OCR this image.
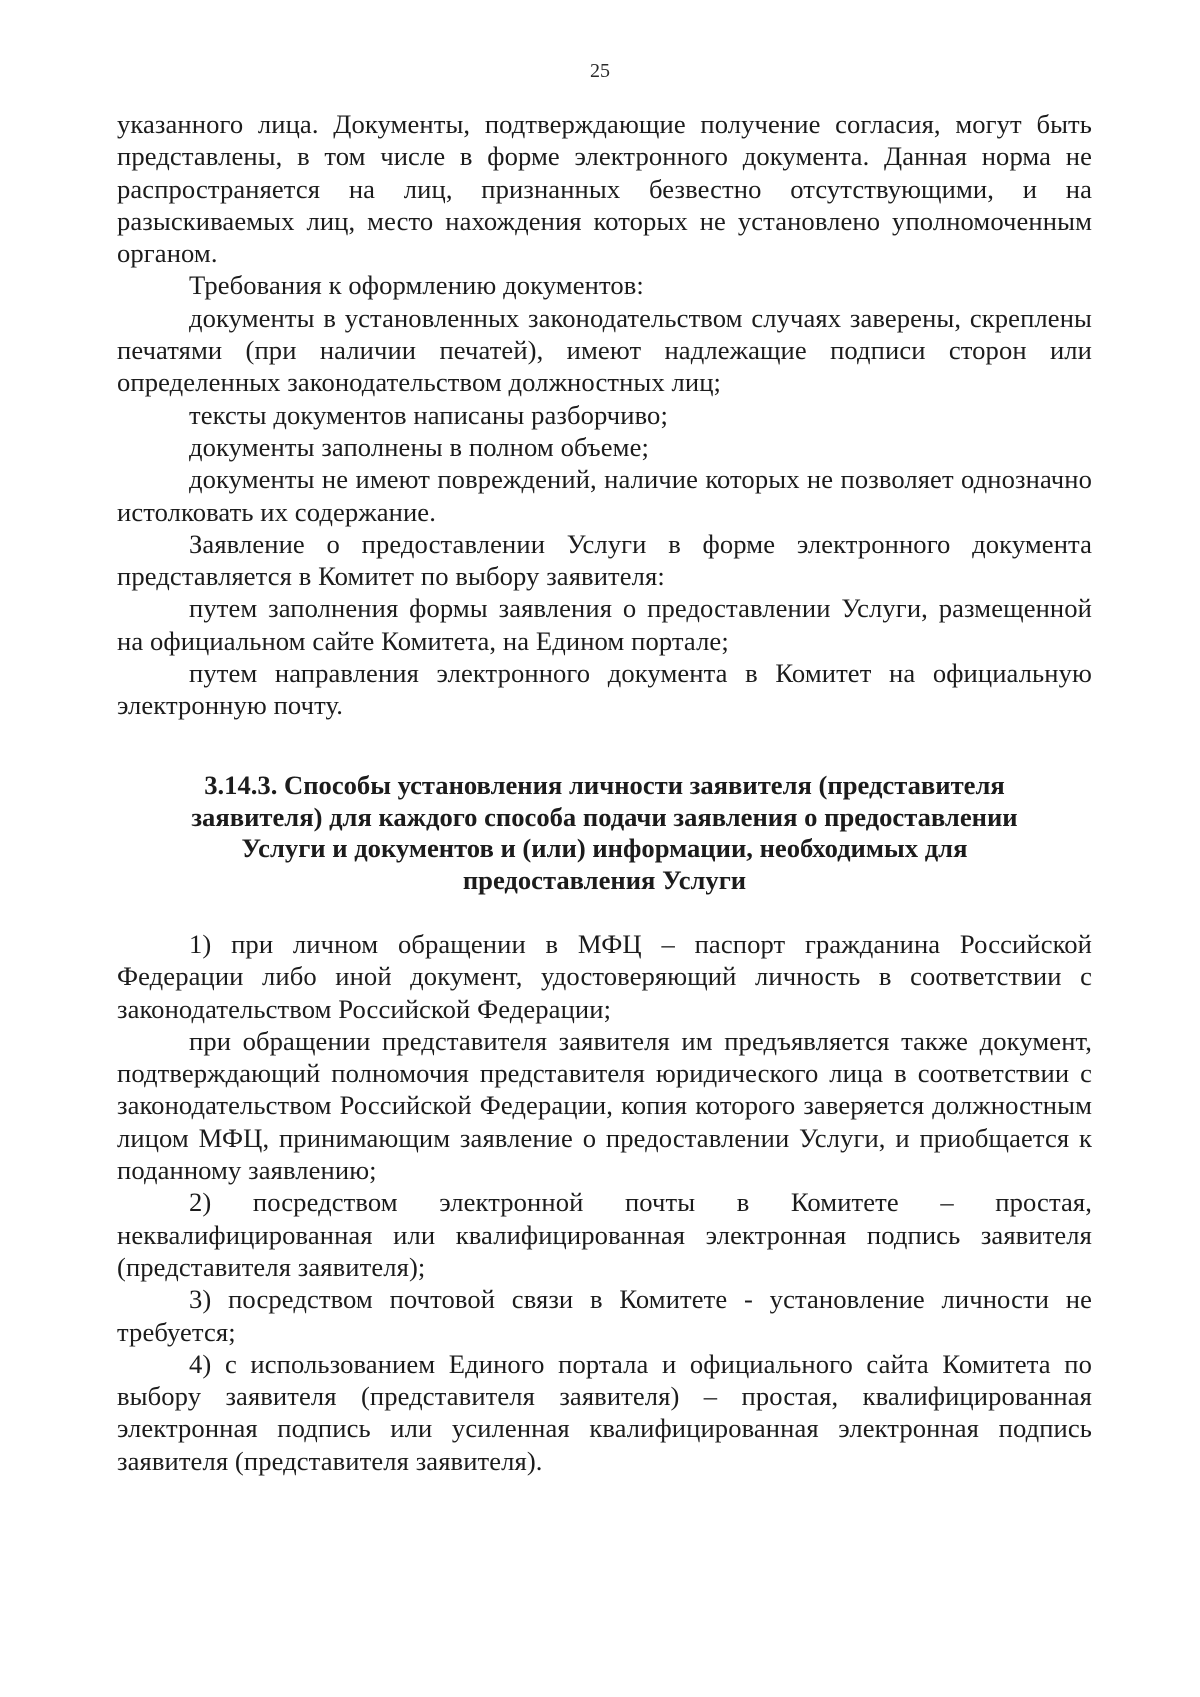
25

указанного лица. Документы, подтверждающие получение согласия, могут быть представлены, в том числе в форме электронного документа. Данная норма не распространяется на лиц, признанных безвестно отсутствующими, и на разыскиваемых лиц, место нахождения которых не установлено уполномоченным органом.

Требования к оформлению документов:

документы в установленных законодательством случаях заверены, скреплены печатями (при наличии печатей), имеют надлежащие подписи сторон или определенных законодательством должностных лиц;

тексты документов написаны разборчиво;

документы заполнены в полном объеме;

документы не имеют повреждений, наличие которых не позволяет однозначно истолковать их содержание.

Заявление о предоставлении Услуги в форме электронного документа представляется в Комитет по выбору заявителя:

путем заполнения формы заявления о предоставлении Услуги, размещенной на официальном сайте Комитета, на Едином портале;

путем направления электронного документа в Комитет на официальную электронную почту.

3.14.3. Способы установления личности заявителя (представителя
заявителя) для каждого способа подачи заявления о предоставлении
Услуги и документов и (или) информации, необходимых для
предоставления Услуги

1) при личном обращении в МФЦ – паспорт гражданина Российской Федерации либо иной документ, удостоверяющий личность в соответствии с законодательством Российской Федерации;

при обращении представителя заявителя им предъявляется также документ, подтверждающий полномочия представителя юридического лица в соответствии с законодательством Российской Федерации, копия которого заверяется должностным лицом МФЦ, принимающим заявление о предоставлении Услуги, и приобщается к поданному заявлению;

2) посредством электронной почты в Комитете – простая, неквалифицированная или квалифицированная электронная подпись заявителя (представителя заявителя);

3) посредством почтовой связи в Комитете - установление личности не требуется;

4) с использованием Единого портала и официального сайта Комитета по выбору заявителя (представителя заявителя) – простая, квалифицированная электронная подпись или усиленная квалифицированная электронная подпись заявителя (представителя заявителя).
